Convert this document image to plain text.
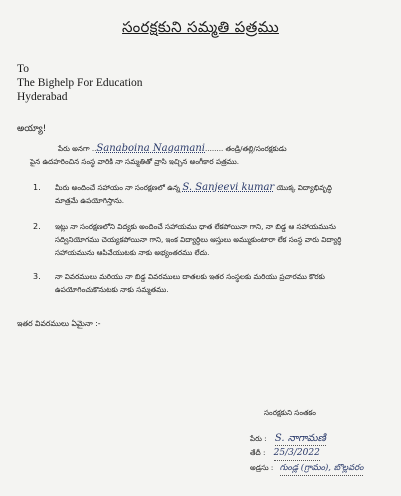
సంరక్షకుని సమ్మతి పత్రము
To
The Bighelp For Education
Hyderabad
అయ్యా!
పేరు అనగా ..Sanaboina Nagamani........ తండ్రి/తల్లి/సంరక్షకుడు
పైన ఉదహరించిన సంస్థ వారికి నా సమ్మతితో వ్రాసి ఇచ్చిన అంగీకార పత్రము.
1. మీరు అందించే సహాయం నా సంరక్షణలో ఉన్న S. Sanjeevi kumar యొక్క విద్యాభివృద్ధి
మాత్రమే ఉపయోగిస్తాను.
2. ఇట్లు నా సంరక్షణలోని విద్యకు అందించే సహాయము ధాత లేకపోయినా గాని, నా బిడ్డ ఆ సహాయమును
సద్వినియోగము చెయ్యకపోయినా గాని, ఇంక విద్యార్థిలు ఆస్తులు అమ్ముకుంటారా లేక సంస్థ వారు విద్యార్థి
సహాయమును ఆపివేయుటకు నాకు అభ్యంతరము లేదు.
3. నా వివరములు మరియు నా బిడ్డ వివరములు దాతలకు ఇతర సంస్థలకు మరియు ప్రచారము కొరకు
ఉపయోగించుకొనుటకు నాకు సమ్మతము.
ఇతర వివరములు ఏమైనా :-
సంరక్షకుని సంతకం
పేరు : S. నాగామణి
తేదీ : 25/3/2022
అడ్రసు : గుండ్ల (గ్రామం), బొల్లవరం
